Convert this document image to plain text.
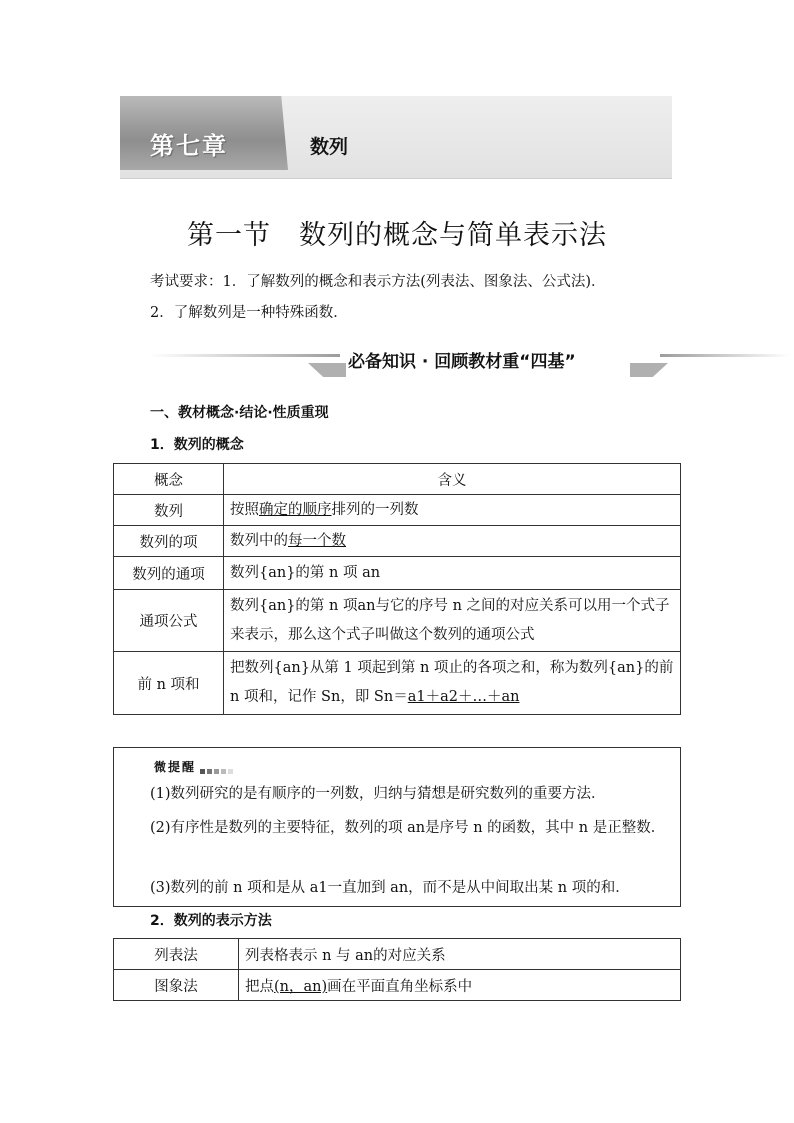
第七章	数列
第一节 数列的概念与简单表示法
考试要求：1．了解数列的概念和表示方法(列表法、图象法、公式法)．
2．了解数列是一种特殊函数．
必备知识 · 回顾教材重“四基”
一、教材概念·结论·性质重现
1．数列的概念
概念	含义
数列	按照确定的顺序排列的一列数
数列的项	数列中的每一个数
数列的通项	数列{an}的第 n 项 an
通项公式	数列{an}的第 n 项an与它的序号 n 之间的对应关系可以用一个式子来表示，那么这个式子叫做这个数列的通项公式
前 n 项和	把数列{an}从第 1 项起到第 n 项止的各项之和，称为数列{an}的前 n 项和，记作 Sn，即 Sn＝a1＋a2＋…＋an
微提醒
(1)数列研究的是有顺序的一列数，归纳与猜想是研究数列的重要方法．
(2)有序性是数列的主要特征，数列的项 an是序号 n 的函数，其中 n 是正整数．
(3)数列的前 n 项和是从 a1一直加到 an，而不是从中间取出某 n 项的和．
2．数列的表示方法
列表法	列表格表示 n 与 an的对应关系
图象法	把点(n，an)画在平面直角坐标系中
